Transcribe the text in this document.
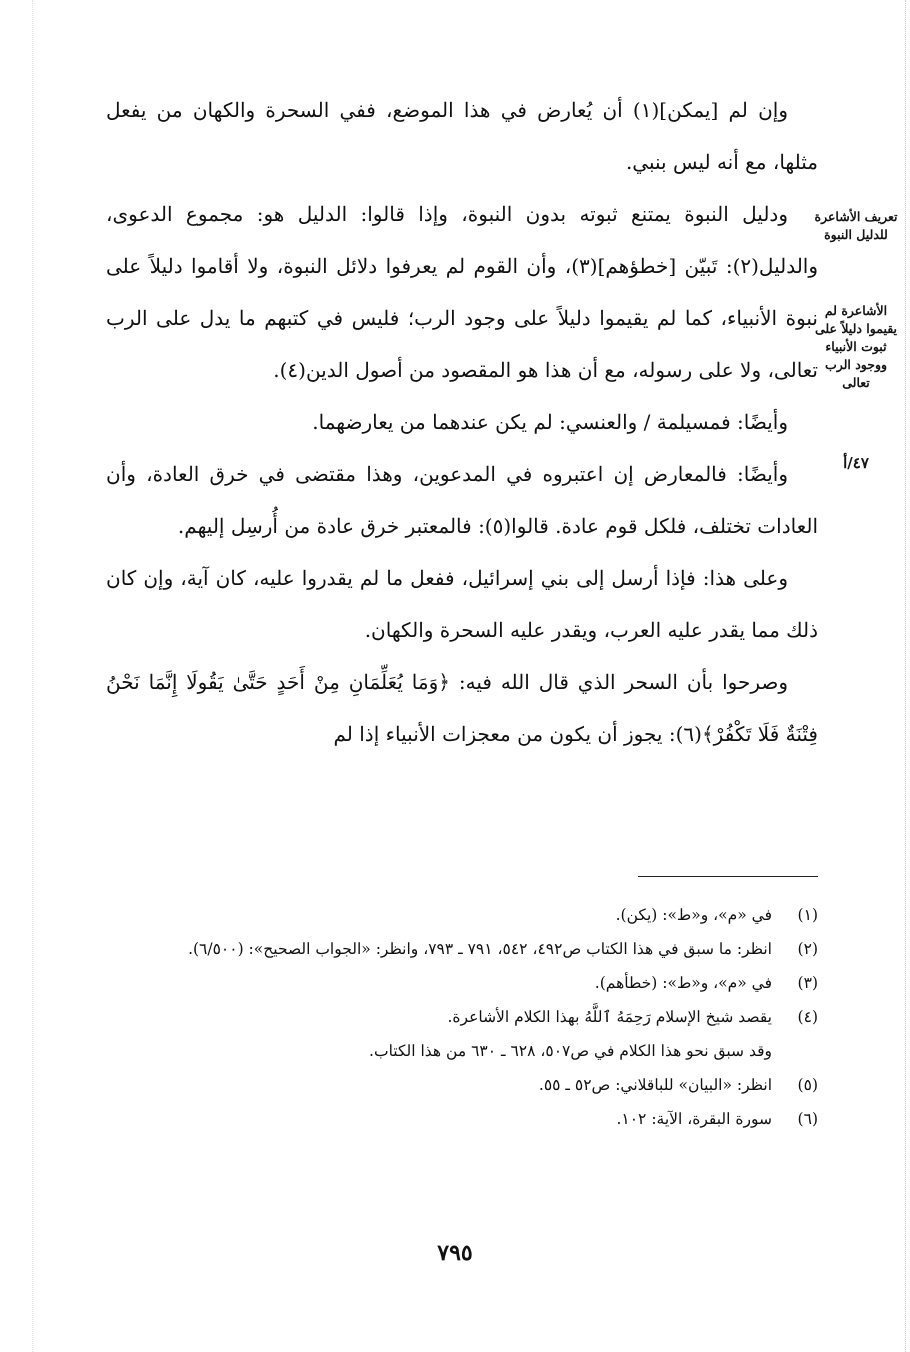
تعريف الأشاعرة للدليل النبوة
الأشاعرة لم يقيموا دليلاً على ثبوت الأنبياء ووجود الرب تعالى
٤٧/أ

وإن لم [يمكن](١) أن يُعارض في هذا الموضع، ففي السحرة والكهان من يفعل مثلها، مع أنه ليس بنبي.

ودليل النبوة يمتنع ثبوته بدون النبوة، وإذا قالوا: الدليل هو: مجموع الدعوى، والدليل(٢): تَبيّن [خطؤهم](٣)، وأن القوم لم يعرفوا دلائل النبوة، ولا أقاموا دليلاً على نبوة الأنبياء، كما لم يقيموا دليلاً على وجود الرب؛ فليس في كتبهم ما يدل على الرب تعالى، ولا على رسوله، مع أن هذا هو المقصود من أصول الدين(٤).

وأيضًا: فمسيلمة / والعنسي: لم يكن عندهما من يعارضهما.

وأيضًا: فالمعارض إن اعتبروه في المدعوين، وهذا مقتضى في خرق العادة، وأن العادات تختلف، فلكل قوم عادة. قالوا(٥): فالمعتبر خرق عادة من أُرسِل إليهم.

وعلى هذا: فإذا أرسل إلى بني إسرائيل، ففعل ما لم يقدروا عليه، كان آية، وإن كان ذلك مما يقدر عليه العرب، ويقدر عليه السحرة والكهان.

وصرحوا بأن السحر الذي قال الله فيه: ﴿وَمَا يُعَلِّمَانِ مِنْ أَحَدٍ حَتَّىٰ يَقُولَا إِنَّمَا نَحْنُ فِتْنَةٌ فَلَا تَكْفُرْ﴾(٦): يجوز أن يكون من معجزات الأنبياء إذا لم

(١)
في «م»، و«ط»: (يكن).
(٢)
انظر: ما سبق في هذا الكتاب ص٤٩٢، ٥٤٢، ٧٩١ ـ ٧٩٣، وانظر: «الجواب الصحيح»: (٦/٥٠٠).
(٣)
في «م»، و«ط»: (خطأهم).
(٤)
يقصد شيخ الإسلام رَحِمَهُ ٱللَّهُ بهذا الكلام الأشاعرة.
وقد سبق نحو هذا الكلام في ص٥٠٧، ٦٢٨ ـ ٦٣٠ من هذا الكتاب.
(٥)
انظر: «البيان» للباقلاني: ص٥٢ ـ ٥٥.
(٦)
سورة البقرة، الآية: ١٠٢.
٧٩٥
